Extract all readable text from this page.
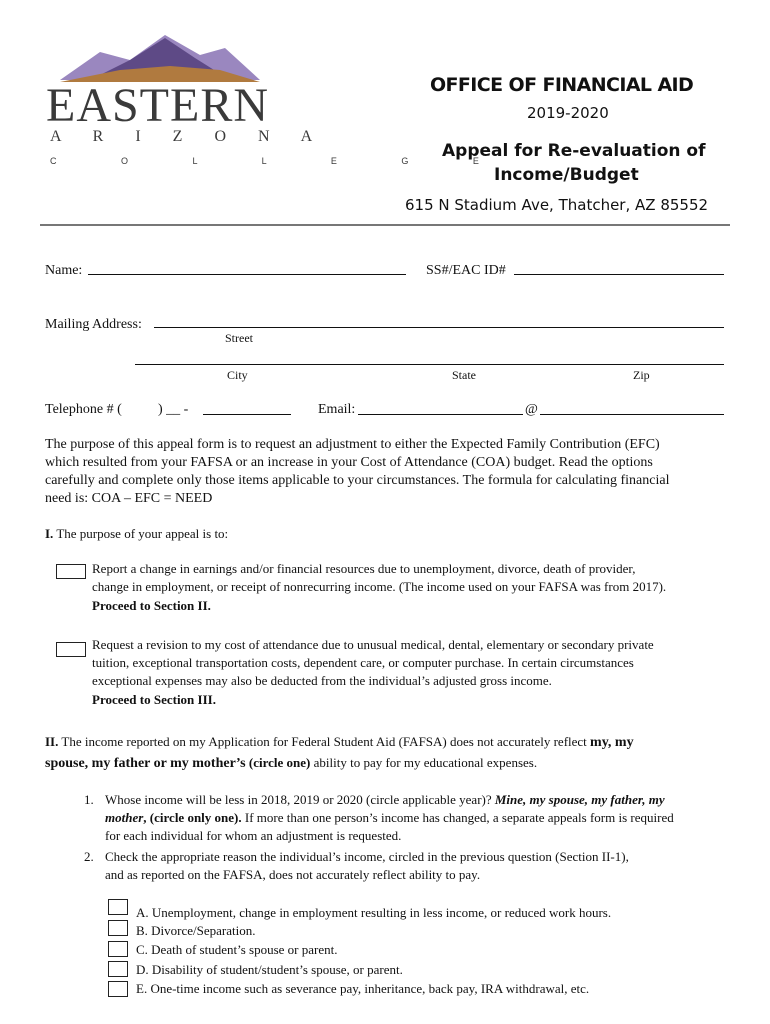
EASTERN
A R I Z O N A
C O L L E G E
OFFICE OF FINANCIAL AID
2019-2020
Appeal for Re-evaluation of
Income/Budget
615 N Stadium Ave, Thatcher, AZ 85552
Name:	SS#/EAC ID#
Mailing Address:
Street
City	State	Zip
Telephone # (	) __ -	Email:	@
The purpose of this appeal form is to request an adjustment to either the Expected Family Contribution (EFC)
which resulted from your FAFSA or an increase in your Cost of Attendance (COA) budget. Read the options
carefully and complete only those items applicable to your circumstances. The formula for calculating financial
need is: COA – EFC = NEED
I. The purpose of your appeal is to:
Report a change in earnings and/or financial resources due to unemployment, divorce, death of provider,
change in employment, or receipt of nonrecurring income. (The income used on your FAFSA was from 2017).
Proceed to Section II.
Request a revision to my cost of attendance due to unusual medical, dental, elementary or secondary private
tuition, exceptional transportation costs, dependent care, or computer purchase. In certain circumstances
exceptional expenses may also be deducted from the individual’s adjusted gross income.
Proceed to Section III.
II. The income reported on my Application for Federal Student Aid (FAFSA) does not accurately reflect my, my
spouse, my father or my mother’s (circle one) ability to pay for my educational expenses.
1. Whose income will be less in 2018, 2019 or 2020 (circle applicable year)? Mine, my spouse, my father, my
mother, (circle only one). If more than one person’s income has changed, a separate appeals form is required
for each individual for whom an adjustment is requested.
2. Check the appropriate reason the individual’s income, circled in the previous question (Section II-1),
and as reported on the FAFSA, does not accurately reflect ability to pay.
A. Unemployment, change in employment resulting in less income, or reduced work hours.
B. Divorce/Separation.
C. Death of student’s spouse or parent.
D. Disability of student/student’s spouse, or parent.
E. One-time income such as severance pay, inheritance, back pay, IRA withdrawal, etc.
